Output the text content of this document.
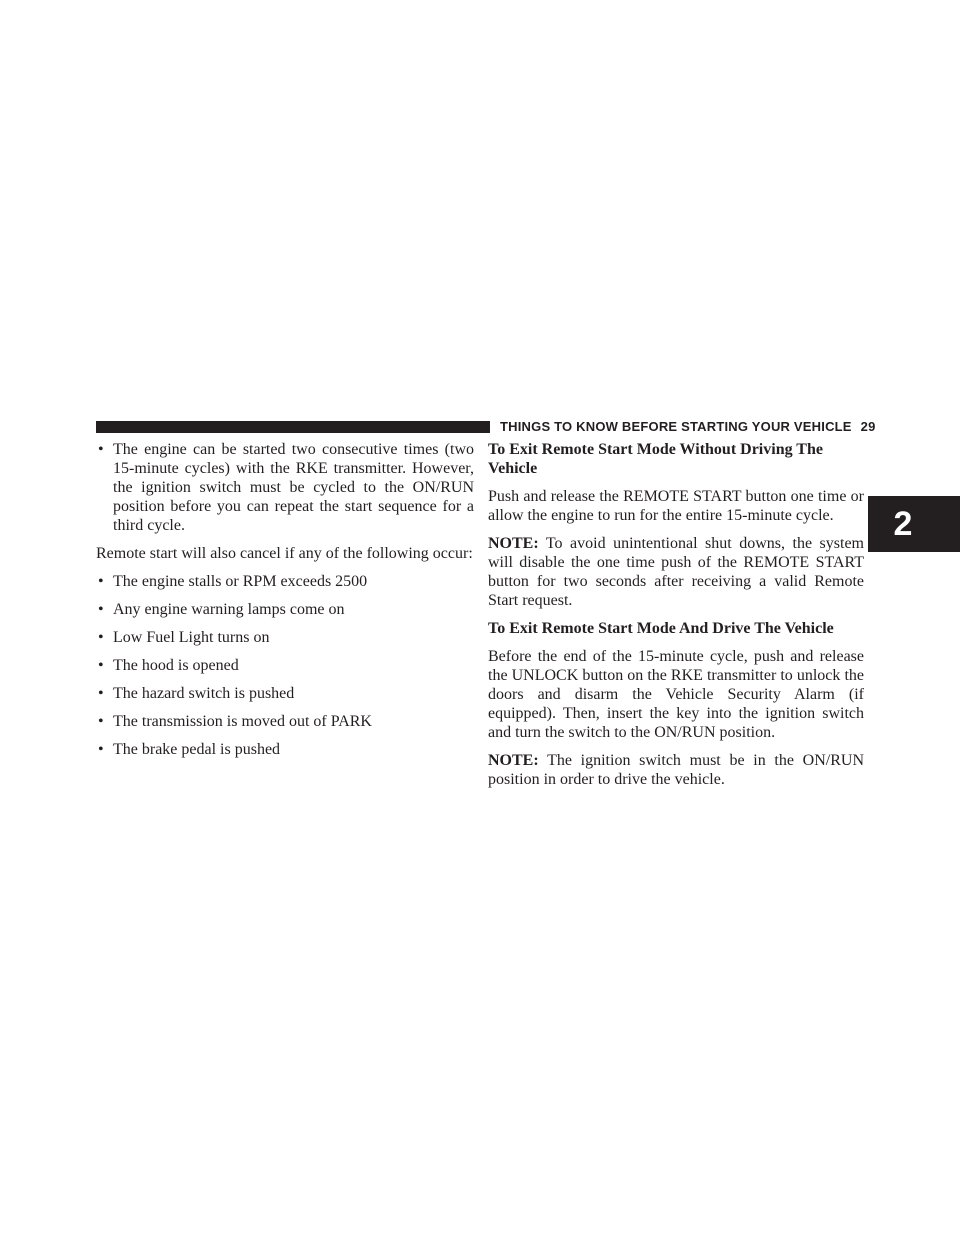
THINGS TO KNOW BEFORE STARTING YOUR VEHICLE 29
2
• The engine can be started two consecutive times (two 15-minute cycles) with the RKE transmitter. However, the ignition switch must be cycled to the ON/RUN position before you can repeat the start sequence for a third cycle.

Remote start will also cancel if any of the following occur:

• The engine stalls or RPM exceeds 2500
• Any engine warning lamps come on
• Low Fuel Light turns on
• The hood is opened
• The hazard switch is pushed
• The transmission is moved out of PARK
• The brake pedal is pushed
To Exit Remote Start Mode Without Driving The Vehicle

Push and release the REMOTE START button one time or allow the engine to run for the entire 15-minute cycle.

NOTE: To avoid unintentional shut downs, the system will disable the one time push of the REMOTE START button for two seconds after receiving a valid Remote Start request.

To Exit Remote Start Mode And Drive The Vehicle

Before the end of the 15-minute cycle, push and release the UNLOCK button on the RKE transmitter to unlock the doors and disarm the Vehicle Security Alarm (if equipped). Then, insert the key into the ignition switch and turn the switch to the ON/RUN position.

NOTE: The ignition switch must be in the ON/RUN position in order to drive the vehicle.
